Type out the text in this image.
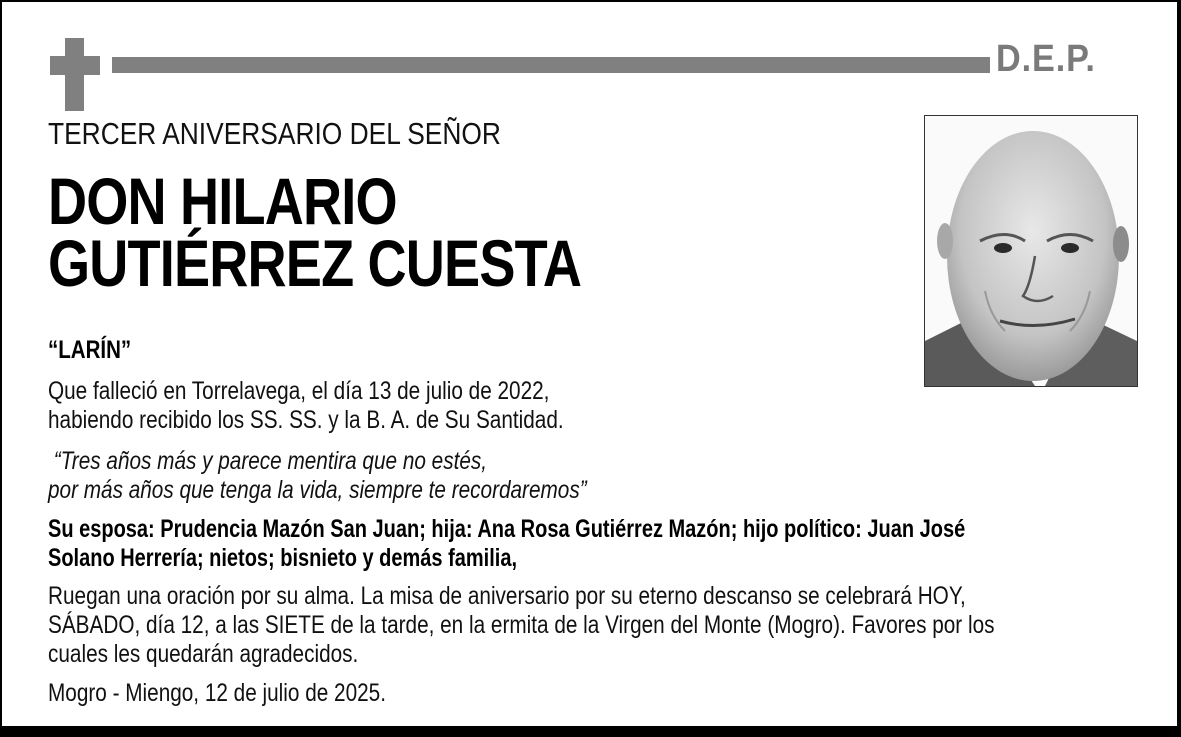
D.E.P.
TERCER ANIVERSARIO DEL SEÑOR
DON HILARIO
GUTIÉRREZ CUESTA
“LARÍN”
Que falleció en Torrelavega, el día 13 de julio de 2022,
habiendo recibido los SS. SS. y la B. A. de Su Santidad.
“Tres años más y parece mentira que no estés,
por más años que tenga la vida, siempre te recordaremos”
Su esposa: Prudencia Mazón San Juan; hija: Ana Rosa Gutiérrez Mazón; hijo político: Juan José
Solano Herrería; nietos; bisnieto y demás familia,
Ruegan una oración por su alma. La misa de aniversario por su eterno descanso se celebrará HOY,
SÁBADO, día 12, a las SIETE de la tarde, en la ermita de la Virgen del Monte (Mogro). Favores por los
cuales les quedarán agradecidos.
Mogro - Miengo, 12 de julio de 2025.
